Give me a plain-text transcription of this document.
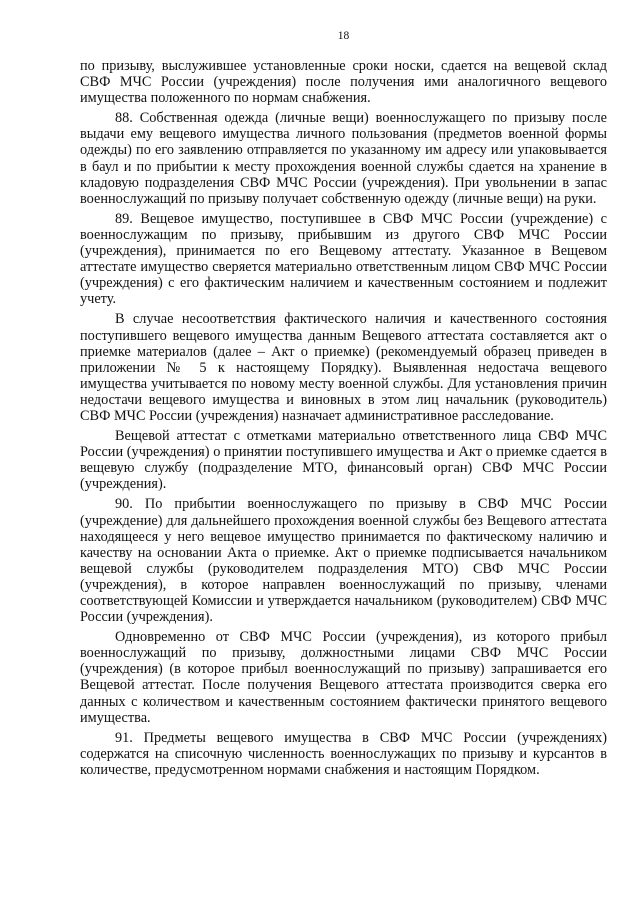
18

по призыву, выслужившее установленные сроки носки, сдается на вещевой склад СВФ МЧС России (учреждения) после получения ими аналогичного вещевого имущества положенного по нормам снабжения.

88. Собственная одежда (личные вещи) военнослужащего по призыву после выдачи ему вещевого имущества личного пользования (предметов военной формы одежды) по его заявлению отправляется по указанному им адресу или упаковывается в баул и по прибытии к месту прохождения военной службы сдается на хранение в кладовую подразделения СВФ МЧС России (учреждения). При увольнении в запас военнослужащий по призыву получает собственную одежду (личные вещи) на руки.

89. Вещевое имущество, поступившее в СВФ МЧС России (учреждение) с военнослужащим по призыву, прибывшим из другого СВФ МЧС России (учреждения), принимается по его Вещевому аттестату. Указанное в Вещевом аттестате имущество сверяется материально ответственным лицом СВФ МЧС России (учреждения) с его фактическим наличием и качественным состоянием и подлежит учету.

В случае несоответствия фактического наличия и качественного состояния поступившего вещевого имущества данным Вещевого аттестата составляется акт о приемке материалов (далее – Акт о приемке) (рекомендуемый образец приведен в приложении № 5 к настоящему Порядку). Выявленная недостача вещевого имущества учитывается по новому месту военной службы. Для установления причин недостачи вещевого имущества и виновных в этом лиц начальник (руководитель) СВФ МЧС России (учреждения) назначает административное расследование.

Вещевой аттестат с отметками материально ответственного лица СВФ МЧС России (учреждения) о принятии поступившего имущества и Акт о приемке сдается в вещевую службу (подразделение МТО, финансовый орган) СВФ МЧС России (учреждения).

90. По прибытии военнослужащего по призыву в СВФ МЧС России (учреждение) для дальнейшего прохождения военной службы без Вещевого аттестата находящееся у него вещевое имущество принимается по фактическому наличию и качеству на основании Акта о приемке. Акт о приемке подписывается начальником вещевой службы (руководителем подразделения МТО) СВФ МЧС России (учреждения), в которое направлен военнослужащий по призыву, членами соответствующей Комиссии и утверждается начальником (руководителем) СВФ МЧС России (учреждения).

Одновременно от СВФ МЧС России (учреждения), из которого прибыл военнослужащий по призыву, должностными лицами СВФ МЧС России (учреждения) (в которое прибыл военнослужащий по призыву) запрашивается его Вещевой аттестат. После получения Вещевого аттестата производится сверка его данных с количеством и качественным состоянием фактически принятого вещевого имущества.

91. Предметы вещевого имущества в СВФ МЧС России (учреждениях) содержатся на списочную численность военнослужащих по призыву и курсантов в количестве, предусмотренном нормами снабжения и настоящим Порядком.
